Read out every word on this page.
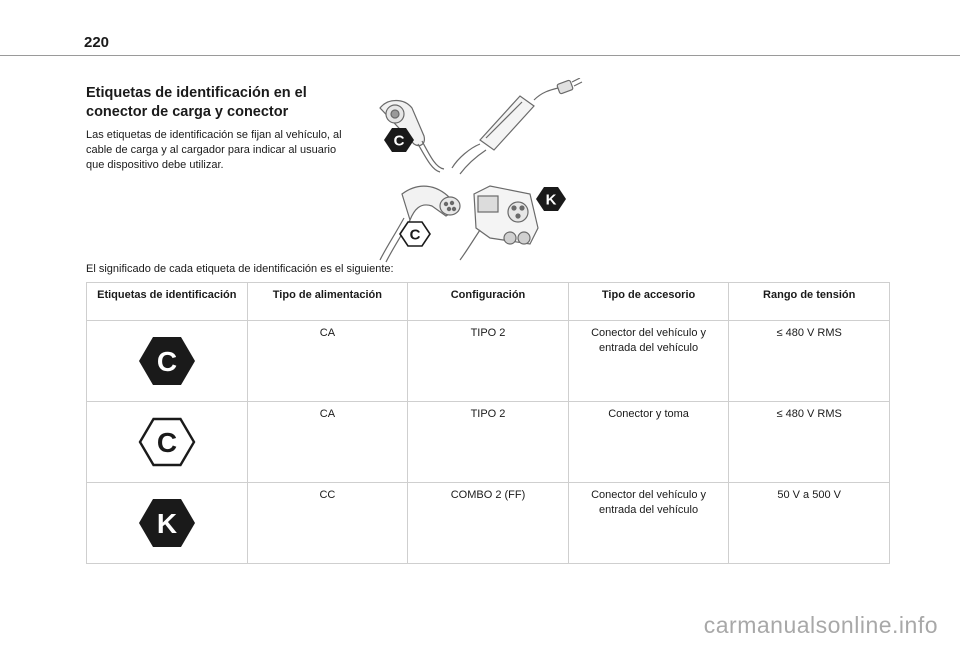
220
Etiquetas de identificación en el conector de carga y conector

Las etiquetas de identificación se fijan al vehículo, al cable de carga y al cargador para indicar al usuario que dispositivo debe utilizar.

C
C
K

El significado de cada etiqueta de identificación es el siguiente:

Etiquetas de identificación	Tipo de alimentación	Configuración	Tipo de accesorio	Rango de tensión

C	CA	TIPO 2	Conector del vehículo y entrada del vehículo	≤ 480 V RMS

C	CA	TIPO 2	Conector y toma	≤ 480 V RMS

K	CC	COMBO 2 (FF)	Conector del vehículo y entrada del vehículo	50 V a 500 V
carmanualsonline.info
